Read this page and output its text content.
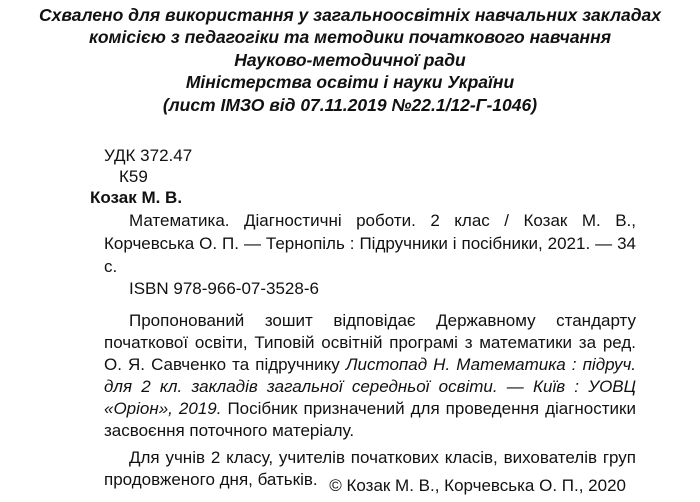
Схвалено для використання у загальноосвітніх навчальних закладах
комісією з педагогіки та методики початкового навчання
Науково-методичної ради
Міністерства освіти і науки України
(лист ІМЗО від 07.11.2019 №22.1/12-Г-1046)
УДК 372.47
К59
Козак М. В.

Математика. Діагностичні роботи. 2 клас / Козак М. В., Корчевська О. П. — Тернопіль : Підручники і посібники, 2021. — 34 с.

ISBN 978-966-07-3528-6

Пропонований зошит відповідає Державному стандарту початкової освіти, Типовій освітній програмі з математики за ред. О. Я. Савченко та підручнику Листопад Н. Математика : підруч. для 2 кл. закладів загальної середньої освіти. — Київ : УОВЦ «Оріон», 2019. Посібник призначений для проведення діагностики засвоєння поточного матеріалу.

Для учнів 2 класу, учителів початкових класів, вихователів груп продовженого дня, батьків. © Козак М. В., Корчевська О. П., 2020
